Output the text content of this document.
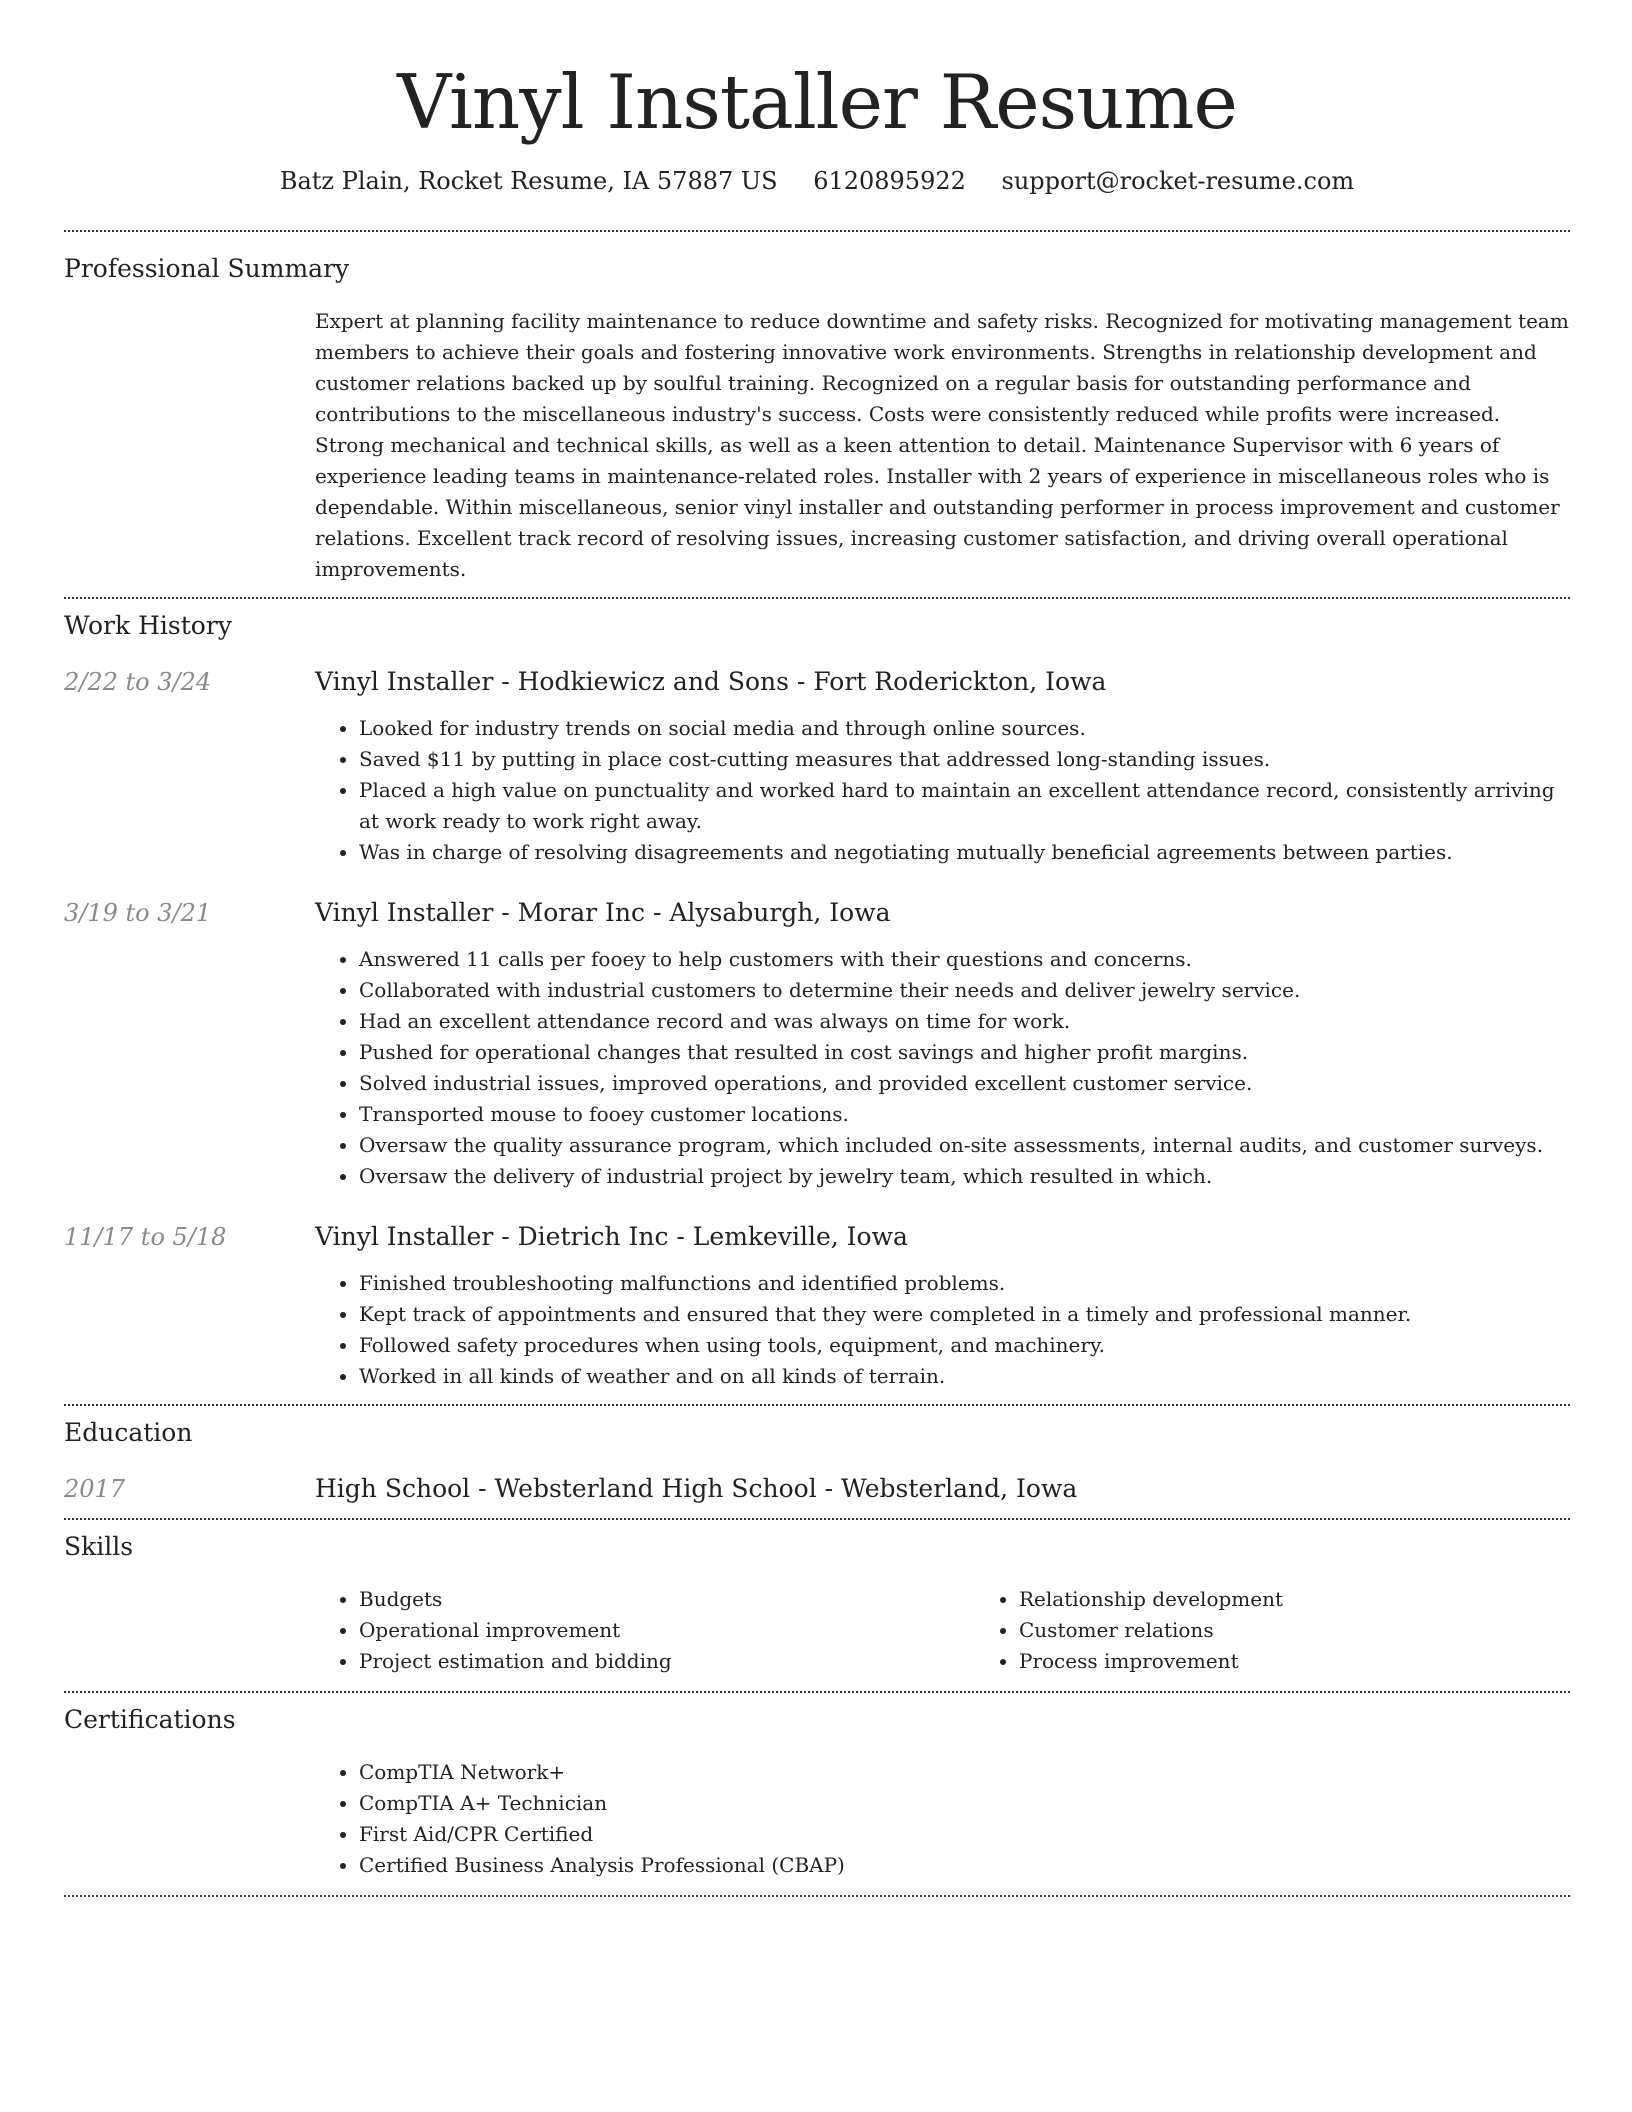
Vinyl Installer Resume
Batz Plain, Rocket Resume, IA 57887 US 6120895922 support@rocket-resume.com
Professional Summary

Expert at planning facility maintenance to reduce downtime and safety risks. Recognized for motivating management team members to achieve their goals and fostering innovative work environments. Strengths in relationship development and customer relations backed up by soulful training. Recognized on a regular basis for outstanding performance and contributions to the miscellaneous industry's success. Costs were consistently reduced while profits were increased. Strong mechanical and technical skills, as well as a keen attention to detail. Maintenance Supervisor with 6 years of experience leading teams in maintenance-related roles. Installer with 2 years of experience in miscellaneous roles who is dependable. Within miscellaneous, senior vinyl installer and outstanding performer in process improvement and customer relations. Excellent track record of resolving issues, increasing customer satisfaction, and driving overall operational improvements.

Work History
2/22 to 3/24	Vinyl Installer - Hodkiewicz and Sons - Fort Roderickton, Iowa
• Looked for industry trends on social media and through online sources.
• Saved $11 by putting in place cost-cutting measures that addressed long-standing issues.
• Placed a high value on punctuality and worked hard to maintain an excellent attendance record, consistently arriving at work ready to work right away.
• Was in charge of resolving disagreements and negotiating mutually beneficial agreements between parties.
3/19 to 3/21	Vinyl Installer - Morar Inc - Alysaburgh, Iowa
• Answered 11 calls per fooey to help customers with their questions and concerns.
• Collaborated with industrial customers to determine their needs and deliver jewelry service.
• Had an excellent attendance record and was always on time for work.
• Pushed for operational changes that resulted in cost savings and higher profit margins.
• Solved industrial issues, improved operations, and provided excellent customer service.
• Transported mouse to fooey customer locations.
• Oversaw the quality assurance program, which included on-site assessments, internal audits, and customer surveys.
• Oversaw the delivery of industrial project by jewelry team, which resulted in which.
11/17 to 5/18	Vinyl Installer - Dietrich Inc - Lemkeville, Iowa
• Finished troubleshooting malfunctions and identified problems.
• Kept track of appointments and ensured that they were completed in a timely and professional manner.
• Followed safety procedures when using tools, equipment, and machinery.
• Worked in all kinds of weather and on all kinds of terrain.
Education
2017	High School - Websterland High School - Websterland, Iowa
Skills
• Budgets
• Operational improvement
• Project estimation and bidding
• Relationship development
• Customer relations
• Process improvement
Certifications
• CompTIA Network+
• CompTIA A+ Technician
• First Aid/CPR Certified
• Certified Business Analysis Professional (CBAP)
